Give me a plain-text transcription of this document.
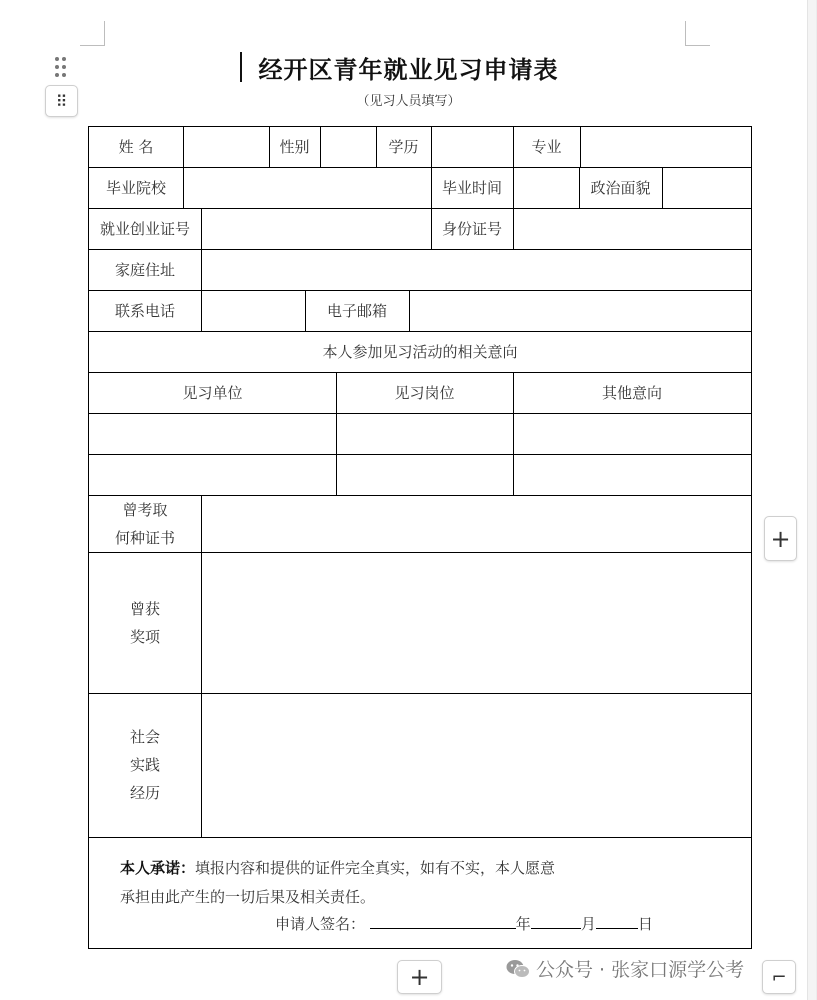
⠿
经开区青年就业见习申请表
（见习人员填写）
姓 名	性别	学历	专业
毕业院校	毕业时间	政治面貌
就业创业证号	身份证号
家庭住址
联系电话	电子邮箱
本人参加见习活动的相关意向
见习单位	见习岗位	其他意向
曾考取
何种证书
曾获
奖项
社会
实践
经历
本人承诺：填报内容和提供的证件完全真实，如有不实，本人愿意
承担由此产生的一切后果及相关责任。
申请人签名：	年	月	日
+
+	⌐
公众号 · 张家口源学公考
